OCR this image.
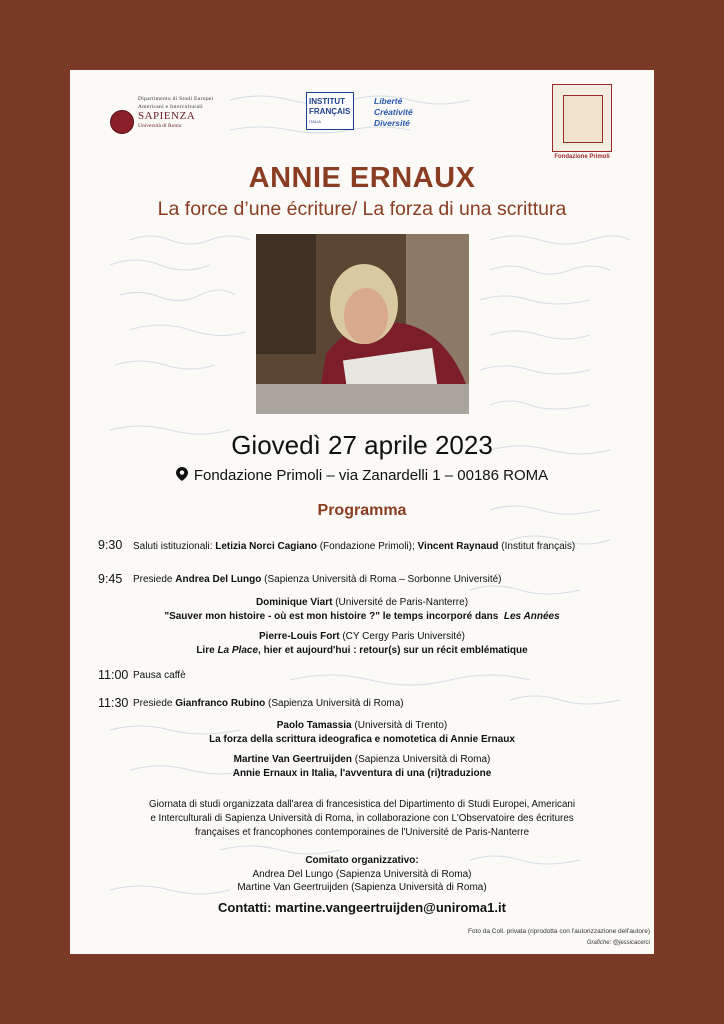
Dipartimento di Studi Europei
Americani e Interculturali
SAPIENZA
Università di Roma
INSTITUT
FRANÇAIS
ITALIA
Liberté
Créativité
Diversité
Fondazione Primoli
ANNIE ERNAUX
La force d’une écriture/ La forza di una scrittura
Giovedì 27 aprile 2023
Fondazione Primoli – via Zanardelli 1 – 00186 ROMA
Programma
9:30 Saluti istituzionali: Letizia Norci Cagiano (Fondazione Primoli); Vincent Raynaud (Institut français)
9:45 Presiede Andrea Del Lungo (Sapienza Università di Roma – Sorbonne Université)
Dominique Viart (Université de Paris-Nanterre)
"Sauver mon histoire - où est mon histoire ?" le temps incorporé dans Les Années
Pierre-Louis Fort (CY Cergy Paris Université)
Lire La Place, hier et aujourd'hui : retour(s) sur un récit emblématique
11:00 Pausa caffè
11:30 Presiede Gianfranco Rubino (Sapienza Università di Roma)
Paolo Tamassia (Università di Trento)
La forza della scrittura ideografica e nomotetica di Annie Ernaux
Martine Van Geertruijden (Sapienza Università di Roma)
Annie Ernaux in Italia, l'avventura di una (ri)traduzione
Giornata di studi organizzata dall'area di francesistica del Dipartimento di Studi Europei, Americani
e Interculturali di Sapienza Università di Roma, in collaborazione con L'Observatoire des écritures
françaises et francophones contemporaines de l'Université de Paris-Nanterre
Comitato organizzativo:
Andrea Del Lungo (Sapienza Università di Roma)
Martine Van Geertruijden (Sapienza Università di Roma)
Contatti: martine.vangeertruijden@uniroma1.it
Foto da Coll. privata (riprodotta con l'autorizzazione dell'autore)
Grafiche: @jessicacerci
